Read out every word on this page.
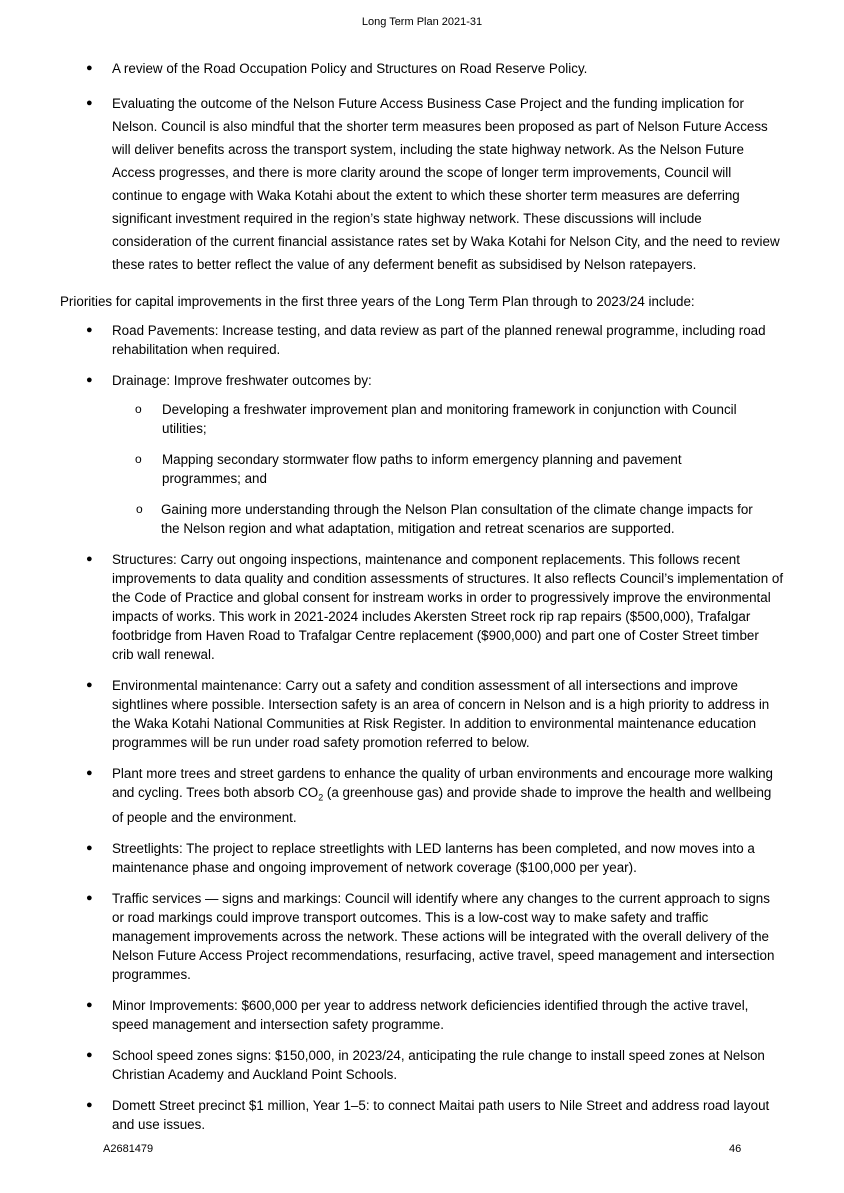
Long Term Plan 2021-31
● A review of the Road Occupation Policy and Structures on Road Reserve Policy.
● Evaluating the outcome of the Nelson Future Access Business Case Project and the funding implication for Nelson. Council is also mindful that the shorter term measures been proposed as part of Nelson Future Access will deliver benefits across the transport system, including the state highway network. As the Nelson Future Access progresses, and there is more clarity around the scope of longer term improvements, Council will continue to engage with Waka Kotahi about the extent to which these shorter term measures are deferring significant investment required in the region’s state highway network. These discussions will include consideration of the current financial assistance rates set by Waka Kotahi for Nelson City, and the need to review these rates to better reflect the value of any deferment benefit as subsidised by Nelson ratepayers.
Priorities for capital improvements in the first three years of the Long Term Plan through to 2023/24 include:
● Road Pavements: Increase testing, and data review as part of the planned renewal programme, including road rehabilitation when required.
● Drainage: Improve freshwater outcomes by:
o Developing a freshwater improvement plan and monitoring framework in conjunction with Council utilities;
o Mapping secondary stormwater flow paths to inform emergency planning and pavement programmes; and
o Gaining more understanding through the Nelson Plan consultation of the climate change impacts for the Nelson region and what adaptation, mitigation and retreat scenarios are supported.
● Structures: Carry out ongoing inspections, maintenance and component replacements. This follows recent improvements to data quality and condition assessments of structures. It also reflects Council’s implementation of the Code of Practice and global consent for instream works in order to progressively improve the environmental impacts of works. This work in 2021-2024 includes Akersten Street rock rip rap repairs ($500,000), Trafalgar footbridge from Haven Road to Trafalgar Centre replacement ($900,000) and part one of Coster Street timber crib wall renewal.
● Environmental maintenance: Carry out a safety and condition assessment of all intersections and improve sightlines where possible. Intersection safety is an area of concern in Nelson and is a high priority to address in the Waka Kotahi National Communities at Risk Register. In addition to environmental maintenance education programmes will be run under road safety promotion referred to below.
● Plant more trees and street gardens to enhance the quality of urban environments and encourage more walking and cycling. Trees both absorb $CO_2$ (a greenhouse gas) and provide shade to improve the health and wellbeing of people and the environment.
● Streetlights: The project to replace streetlights with LED lanterns has been completed, and now moves into a maintenance phase and ongoing improvement of network coverage ($100,000 per year).
● Traffic services — signs and markings: Council will identify where any changes to the current approach to signs or road markings could improve transport outcomes. This is a low-cost way to make safety and traffic management improvements across the network. These actions will be integrated with the overall delivery of the Nelson Future Access Project recommendations, resurfacing, active travel, speed management and intersection programmes.
● Minor Improvements: $600,000 per year to address network deficiencies identified through the active travel, speed management and intersection safety programme.
● School speed zones signs: $150,000, in 2023/24, anticipating the rule change to install speed zones at Nelson Christian Academy and Auckland Point Schools.
● Domett Street precinct $1 million, Year 1–5: to connect Maitai path users to Nile Street and address road layout and use issues.
A2681479	46
